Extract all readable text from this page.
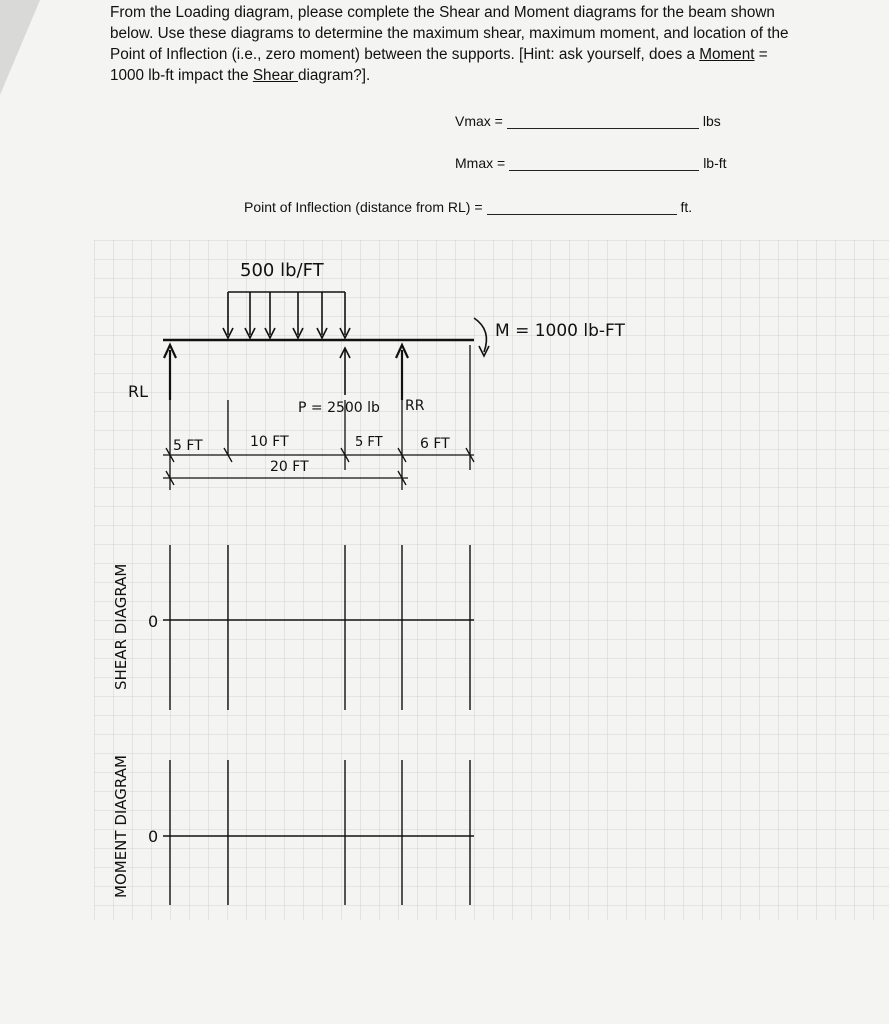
From the Loading diagram, please complete the Shear and Moment diagrams for the beam shown below. Use these diagrams to determine the maximum shear, maximum moment, and location of the Point of Inflection (i.e., zero moment) between the supports. [Hint: ask yourself, does a Moment = 1000 lb-ft impact the Shear diagram?].

Vmax =	lbs
Mmax =	lb-ft
Point of Inflection (distance from RL) =	ft.
500 lb/FT
M = 1000 lb-FT
RL
P = 2500 lb RR
5 FT	10 FT	5 FT	6 FT
20 FT
0
SHEAR DIAGRAM
0
MOMENT DIAGRAM
